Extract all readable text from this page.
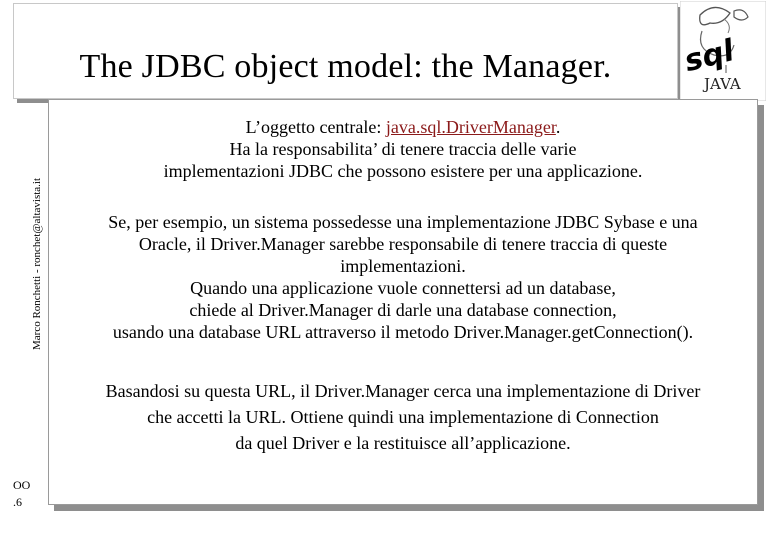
The JDBC object model: the Manager.	sql
JAVA
Marco Ronchetti - ronchet@altavista.it
OO .6
L’oggetto centrale: java.sql.DriverManager.
Ha la responsabilita’ di tenere traccia delle varie
implementazioni JDBC che possono esistere per una applicazione.
Se, per esempio, un sistema possedesse una implementazione JDBC Sybase e una
Oracle, il Driver.Manager sarebbe responsabile di tenere traccia di queste
implementazioni.
Quando una applicazione vuole connettersi ad un database,
chiede al Driver.Manager di darle una database connection,
usando una database URL attraverso il metodo Driver.Manager.getConnection().
Basandosi su questa URL, il Driver.Manager cerca una implementazione di Driver
che accetti la URL. Ottiene quindi una implementazione di Connection
da quel Driver e la restituisce all’applicazione.
